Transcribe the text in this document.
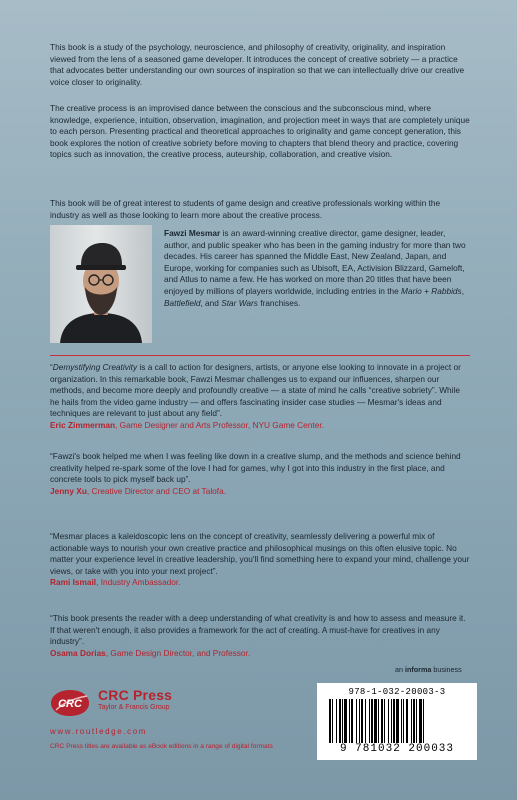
This book is a study of the psychology, neuroscience, and philosophy of creativity, originality, and inspiration viewed from the lens of a seasoned game developer. It introduces the concept of creative sobriety — a practice that advocates better understanding our own sources of inspiration so that we can intellectually drive our creative voice closer to originality.

The creative process is an improvised dance between the conscious and the subconscious mind, where knowledge, experience, intuition, observation, imagination, and projection meet in ways that are completely unique to each person. Presenting practical and theoretical approaches to originality and game concept generation, this book explores the notion of creative sobriety before moving to chapters that blend theory and practice, covering topics such as innovation, the creative process, auteurship, collaboration, and creative vision.

This book will be of great interest to students of game design and creative professionals working within the industry as well as those looking to learn more about the creative process.

Fawzi Mesmar is an award-winning creative director, game designer, leader, author, and public speaker who has been in the gaming industry for more than two decades. His career has spanned the Middle East, New Zealand, Japan, and Europe, working for companies such as Ubisoft, EA, Activision Blizzard, Gameloft, and Atlus to name a few. He has worked on more than 20 titles that have been enjoyed by millions of players worldwide, including entries in the Mario + Rabbids, Battlefield, and Star Wars franchises.

“Demystifying Creativity is a call to action for designers, artists, or anyone else looking to innovate in a project or organization. In this remarkable book, Fawzi Mesmar challenges us to expand our influences, sharpen our methods, and become more deeply and profoundly creative — a state of mind he calls “creative sobriety”. While he hails from the video game industry — and offers fascinating insider case studies — Mesmar's ideas and techniques are relevant to just about any field”.

Eric Zimmerman, Game Designer and Arts Professor, NYU Game Center.

“Fawzi's book helped me when I was feeling like down in a creative slump, and the methods and science behind creativity helped re-spark some of the love I had for games, why I got into this industry in the first place, and concrete tools to pick myself back up”.

Jenny Xu, Creative Director and CEO at Talofa.

“Mesmar places a kaleidoscopic lens on the concept of creativity, seamlessly delivering a powerful mix of actionable ways to nourish your own creative practice and philosophical musings on this often elusive topic. No matter your experience level in creative leadership, you'll find something here to expand your mind, challenge your views, or take with you into your next project”.

Rami Ismail, Industry Ambassador.

“This book presents the reader with a deep understanding of what creativity is and how to assess and measure it. If that weren't enough, it also provides a framework for the act of creating. A must-have for creatives in any industry”.

Osama Dorias, Game Design Director, and Professor.

an informa business
CRC
CRC Press
Taylor & Francis Group
www.routledge.com
CRC Press titles are available as eBook editions in a range of digital formats
978-1-032-20003-3
9 781032 200033
